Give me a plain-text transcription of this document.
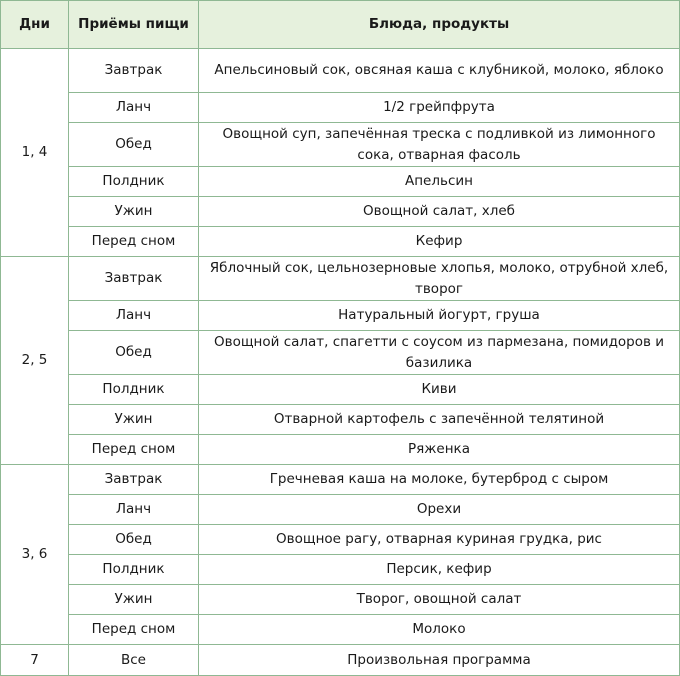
Дни	Приёмы пищи	Блюда, продукты
1, 4	Завтрак	Апельсиновый сок, овсяная каша с клубникой, молоко, яблоко
	Ланч	1/2 грейпфрута
	Обед	Овощной суп, запечённая треска с подливкой из лимонного сока, отварная фасоль
	Полдник	Апельсин
	Ужин	Овощной салат, хлеб
	Перед сном	Кефир
2, 5	Завтрак	Яблочный сок, цельнозерновые хлопья, молоко, отрубной хлеб, творог
	Ланч	Натуральный йогурт, груша
	Обед	Овощной салат, спагетти с соусом из пармезана, помидоров и базилика
	Полдник	Киви
	Ужин	Отварной картофель с запечённой телятиной
	Перед сном	Ряженка
3, 6	Завтрак	Гречневая каша на молоке, бутерброд с сыром
	Ланч	Орехи
	Обед	Овощное рагу, отварная куриная грудка, рис
	Полдник	Персик, кефир
	Ужин	Творог, овощной салат
	Перед сном	Молоко
7	Все	Произвольная программа
